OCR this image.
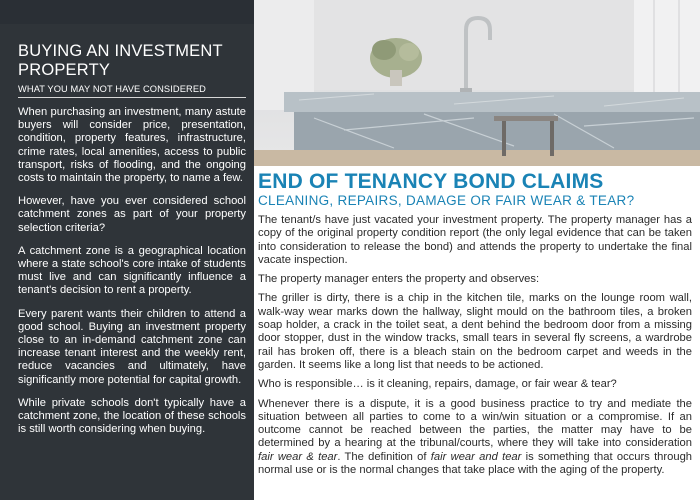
BUYING AN INVESTMENT PROPERTY
WHAT YOU MAY NOT HAVE CONSIDERED

When purchasing an investment, many astute buyers will consider price, presentation, condition, property features, infrastructure, crime rates, local amenities, access to public transport, risks of flooding, and the ongoing costs to maintain the property, to name a few.

However, have you ever considered school catchment zones as part of your property selection criteria?

A catchment zone is a geographical location where a state school's core intake of students must live and can significantly influence a tenant's decision to rent a property.

Every parent wants their children to attend a good school. Buying an investment property close to an in-demand catchment zone can increase tenant interest and the weekly rent, reduce vacancies and ultimately, have significantly more potential for capital growth.

While private schools don't typically have a catchment zone, the location of these schools is still worth considering when buying.

END OF TENANCY BOND CLAIMS
CLEANING, REPAIRS, DAMAGE OR FAIR WEAR & TEAR?

The tenant/s have just vacated your investment property. The property manager has a copy of the original property condition report (the only legal evidence that can be taken into consideration to release the bond) and attends the property to undertake the final vacate inspection.

The property manager enters the property and observes:

The griller is dirty, there is a chip in the kitchen tile, marks on the lounge room wall, walk-way wear marks down the hallway, slight mould on the bathroom tiles, a broken soap holder, a crack in the toilet seat, a dent behind the bedroom door from a missing door stopper, dust in the window tracks, small tears in several fly screens, a wardrobe rail has broken off, there is a bleach stain on the bedroom carpet and weeds in the garden. It seems like a long list that needs to be actioned.

Who is responsible… is it cleaning, repairs, damage, or fair wear & tear?

Whenever there is a dispute, it is a good business practice to try and mediate the situation between all parties to come to a win/win situation or a compromise. If an outcome cannot be reached between the parties, the matter may have to be determined by a hearing at the tribunal/courts, where they will take into consideration fair wear & tear. The definition of fair wear and tear is something that occurs through normal use or is the normal changes that take place with the aging of the property.
